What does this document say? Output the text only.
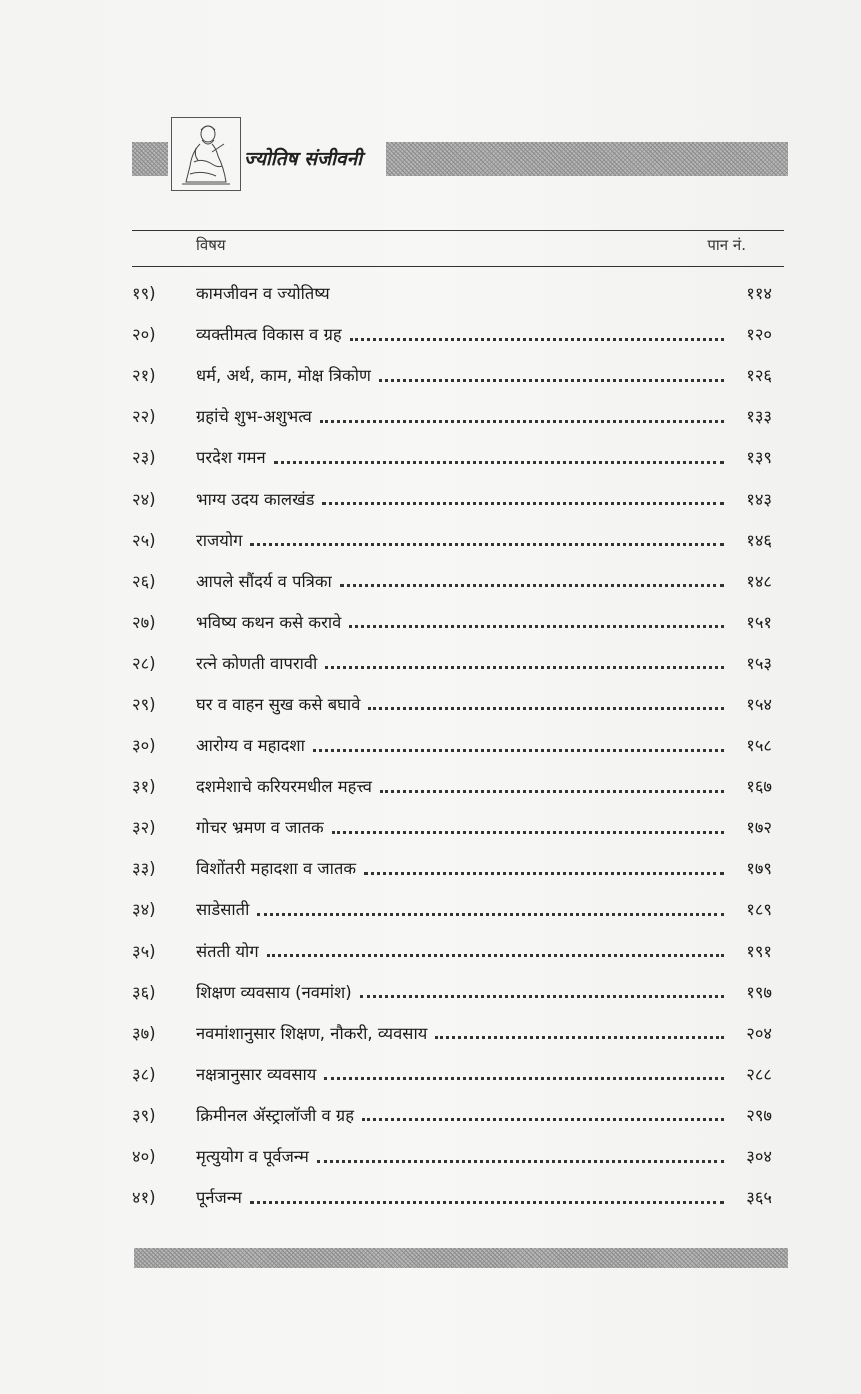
ज्योतिष संजीवनी
विषय	पान नं.
१९)	कामजीवन व ज्योतिष्य	११४
२०)	व्यक्तीमत्व विकास व ग्रह	१२०
२१)	धर्म, अर्थ, काम, मोक्ष त्रिकोण	१२६
२२)	ग्रहांचे शुभ-अशुभत्व	१३३
२३)	परदेश गमन	१३९
२४)	भाग्य उदय कालखंड	१४३
२५)	राजयोग	१४६
२६)	आपले सौंदर्य व पत्रिका	१४८
२७)	भविष्य कथन कसे करावे	१५१
२८)	रत्ने कोणती वापरावी	१५३
२९)	घर व वाहन सुख कसे बघावे	१५४
३०)	आरोग्य व महादशा	१५८
३१)	दशमेशाचे करियरमधील महत्त्व	१६७
३२)	गोचर भ्रमण व जातक	१७२
३३)	विशोंतरी महादशा व जातक	१७९
३४)	साडेसाती	१८९
३५)	संतती योग	१९१
३६)	शिक्षण व्यवसाय (नवमांश)	१९७
३७)	नवमांशानुसार शिक्षण, नौकरी, व्यवसाय	२०४
३८)	नक्षत्रानुसार व्यवसाय	२८८
३९)	क्रिमीनल ॲस्ट्रालॉजी व ग्रह	२९७
४०)	मृत्युयोग व पूर्वजन्म	३०४
४१)	पूर्नजन्म	३६५
